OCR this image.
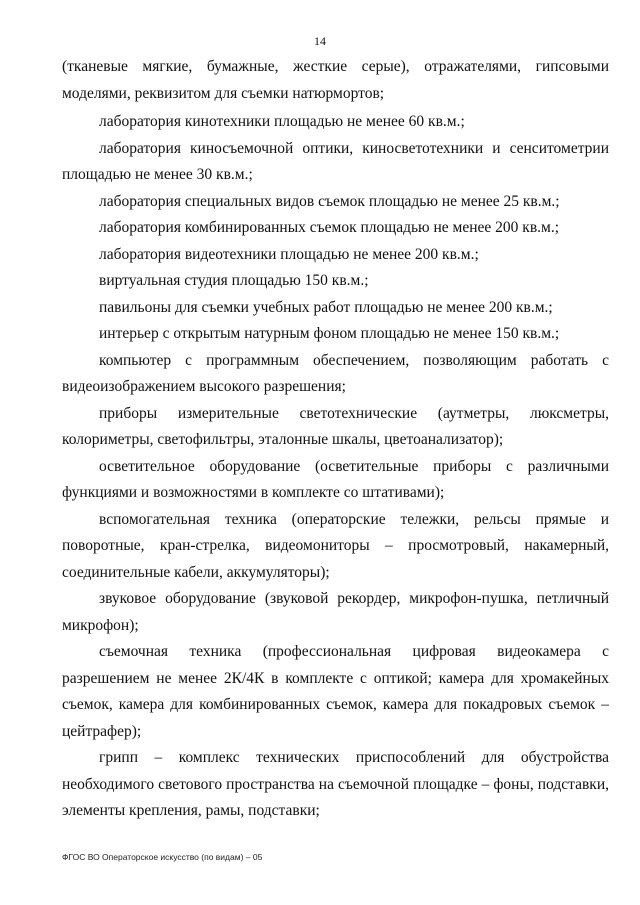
14

(тканевые мягкие, бумажные, жесткие серые), отражателями, гипсовыми моделями, реквизитом для съемки натюрмортов;

лаборатория кинотехники площадью не менее 60 кв.м.;

лаборатория киносъемочной оптики, киносветотехники и сенситометрии площадью не менее 30 кв.м.;

лаборатория специальных видов съемок площадью не менее 25 кв.м.;

лаборатория комбинированных съемок площадью не менее 200 кв.м.;

лаборатория видеотехники площадью не менее 200 кв.м.;

виртуальная студия площадью 150 кв.м.;

павильоны для съемки учебных работ площадью не менее 200 кв.м.;

интерьер с открытым натурным фоном площадью не менее 150 кв.м.;

компьютер с программным обеспечением, позволяющим работать с видеоизображением высокого разрешения;

приборы измерительные светотехнические (аутметры, люксметры, колориметры, светофильтры, эталонные шкалы, цветоанализатор);

осветительное оборудование (осветительные приборы с различными функциями и возможностями в комплекте со штативами);

вспомогательная техника (операторские тележки, рельсы прямые и поворотные, кран-стрелка, видеомониторы – просмотровый, накамерный, соединительные кабели, аккумуляторы);

звуковое оборудование (звуковой рекордер, микрофон-пушка, петличный микрофон);

съемочная техника (профессиональная цифровая видеокамера с разрешением не менее 2К/4К в комплекте с оптикой; камера для хромакейных съемок, камера для комбинированных съемок, камера для покадровых съемок – цейтрафер);

грипп – комплекс технических приспособлений для обустройства необходимого светового пространства на съемочной площадке – фоны, подставки, элементы крепления, рамы, подставки;

ФГОС ВО Операторское искусство (по видам) – 05
